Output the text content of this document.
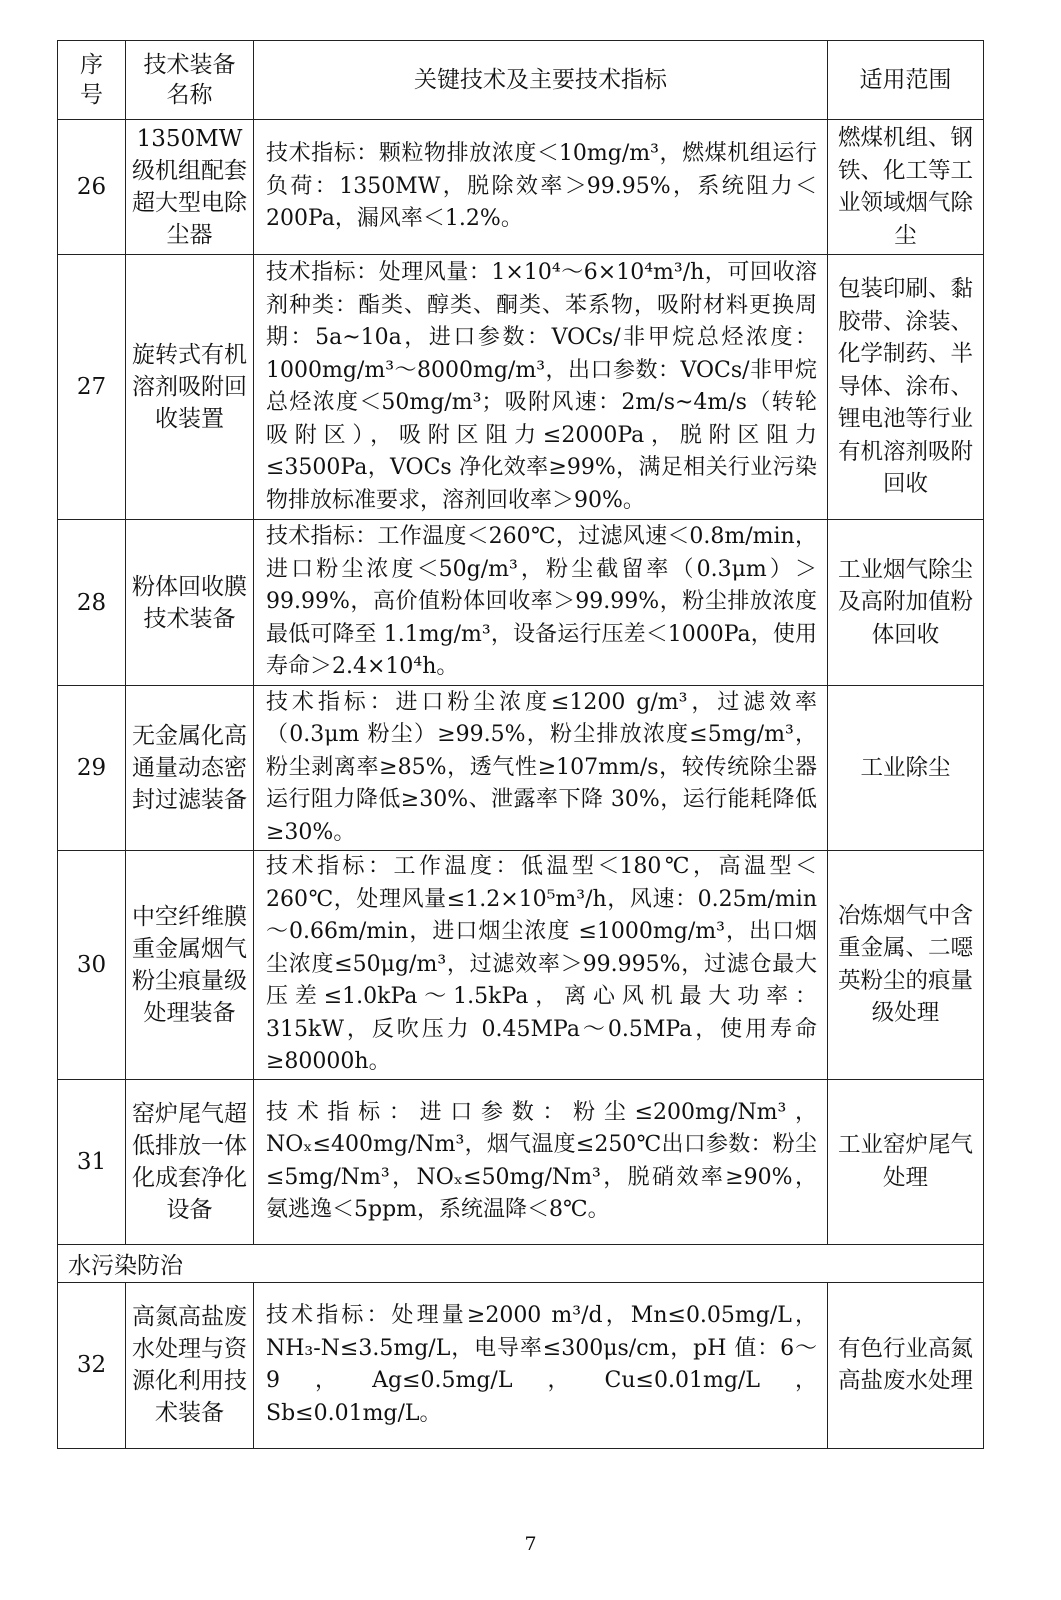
序号	技术装备名称	关键技术及主要技术指标	适用范围
26	1350MW级机组配套超大型电除尘器	技术指标：颗粒物排放浓度＜10mg/m³，燃煤机组运行负荷：1350MW，脱除效率＞99.95%，系统阻力＜200Pa，漏风率＜1.2%。	燃煤机组、钢铁、化工等工业领域烟气除尘
27	旋转式有机溶剂吸附回收装置	技术指标：处理风量：1×10⁴～6×10⁴m³/h，可回收溶剂种类：酯类、醇类、酮类、苯系物，吸附材料更换周期：5a~10a，进口参数：VOCs/非甲烷总烃浓度：1000mg/m³～8000mg/m³，出口参数：VOCs/非甲烷总烃浓度＜50mg/m³；吸附风速：2m/s~4m/s（转轮吸附区），吸附区阻力≤2000Pa，脱附区阻力≤3500Pa，VOCs 净化效率≥99%，满足相关行业污染物排放标准要求，溶剂回收率＞90%。	包装印刷、黏胶带、涂装、化学制药、半导体、涂布、锂电池等行业有机溶剂吸附回收
28	粉体回收膜技术装备	技术指标：工作温度＜260℃，过滤风速＜0.8m/min，进口粉尘浓度＜50g/m³，粉尘截留率（0.3μm）＞99.99%，高价值粉体回收率＞99.99%，粉尘排放浓度最低可降至 1.1mg/m³，设备运行压差＜1000Pa，使用寿命＞2.4×10⁴h。	工业烟气除尘及高附加值粉体回收
29	无金属化高通量动态密封过滤装备	技术指标：进口粉尘浓度≤1200 g/m³，过滤效率（0.3μm 粉尘）≥99.5%，粉尘排放浓度≤5mg/m³，粉尘剥离率≥85%，透气性≥107mm/s，较传统除尘器运行阻力降低≥30%、泄露率下降 30%，运行能耗降低≥30%。	工业除尘
30	中空纤维膜重金属烟气粉尘痕量级处理装备	技术指标：工作温度：低温型＜180℃，高温型＜260℃，处理风量≤1.2×10⁵m³/h，风速：0.25m/min～0.66m/min，进口烟尘浓度 ≤1000mg/m³，出口烟尘浓度≤50μg/m³，过滤效率＞99.995%，过滤仓最大压差≤1.0kPa～1.5kPa，离心风机最大功率：315kW，反吹压力 0.45MPa～0.5MPa，使用寿命≥80000h。	冶炼烟气中含重金属、二噁英粉尘的痕量级处理
31	窑炉尾气超低排放一体化成套净化设备	技术指标：进口参数：粉尘≤200mg/Nm³，NOₓ≤400mg/Nm³，烟气温度≤250℃出口参数：粉尘≤5mg/Nm³，NOₓ≤50mg/Nm³，脱硝效率≥90%，氨逃逸＜5ppm，系统温降＜8℃。	工业窑炉尾气处理
水污染防治			
32	高氮高盐废水处理与资源化利用技术装备	技术指标：处理量≥2000 m³/d，Mn≤0.05mg/L，NH₃-N≤3.5mg/L，电导率≤300μs/cm，pH 值：6～9，Ag≤0.5mg/L，Cu≤0.01mg/L，Sb≤0.01mg/L。	有色行业高氮高盐废水处理
7
